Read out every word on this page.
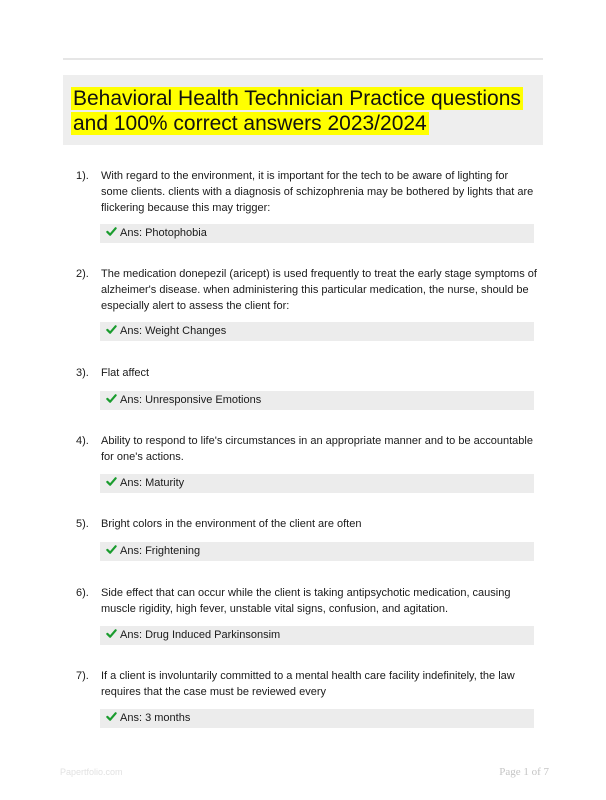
Behavioral Health Technician Practice questions and 100% correct answers 2023/2024
1). With regard to the environment, it is important for the tech to be aware of lighting for some clients. clients with a diagnosis of schizophrenia may be bothered by lights that are flickering because this may trigger:
Ans: Photophobia
2). The medication donepezil (aricept) is used frequently to treat the early stage symptoms of alzheimer's disease. when administering this particular medication, the nurse, should be especially alert to assess the client for:
Ans: Weight Changes
3). Flat affect
Ans: Unresponsive Emotions
4). Ability to respond to life's circumstances in an appropriate manner and to be accountable for one's actions.
Ans: Maturity
5). Bright colors in the environment of the client are often
Ans: Frightening
6). Side effect that can occur while the client is taking antipsychotic medication, causing muscle rigidity, high fever, unstable vital signs, confusion, and agitation.
Ans: Drug Induced Parkinsonsim
7). If a client is involuntarily committed to a mental health care facility indefinitely, the law requires that the case must be reviewed every
Ans: 3 months
Papertfolio.com	Page 1 of 7
